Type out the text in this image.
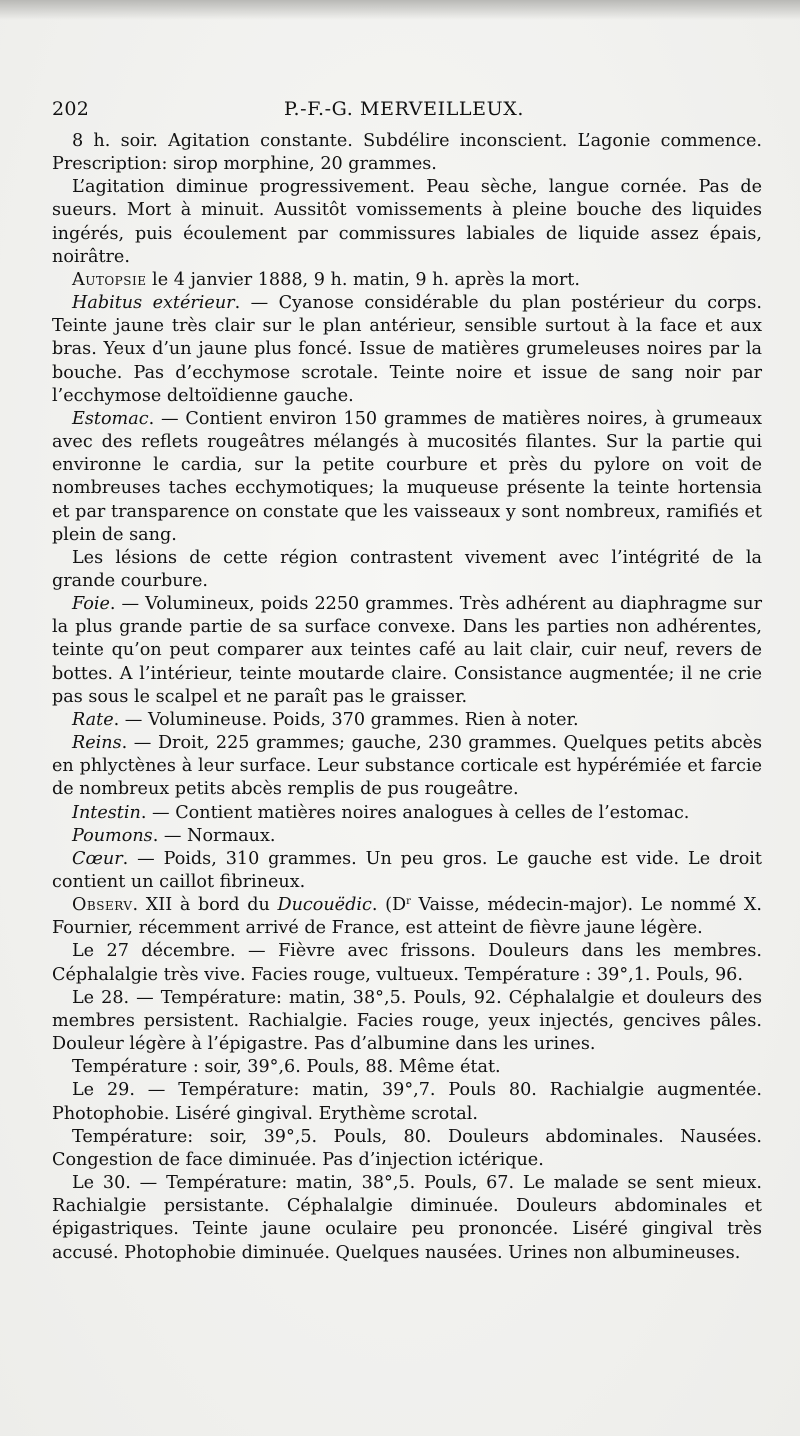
202	P.-F.-G. MERVEILLEUX.

8 h. soir. Agitation constante. Subdélire inconscient. L’agonie commence. Prescription: sirop morphine, 20 grammes.

L’agitation diminue progressivement. Peau sèche, langue cornée. Pas de sueurs. Mort à minuit. Aussitôt vomissements à pleine bouche des liquides ingérés, puis écoulement par commissures labiales de liquide assez épais, noirâtre.

Autopsie le 4 janvier 1888, 9 h. matin, 9 h. après la mort.

Habitus extérieur. — Cyanose considérable du plan postérieur du corps. Teinte jaune très clair sur le plan antérieur, sensible surtout à la face et aux bras. Yeux d’un jaune plus foncé. Issue de matières grumeleuses noires par la bouche. Pas d’ecchymose scrotale. Teinte noire et issue de sang noir par l’ecchymose deltoïdienne gauche.

Estomac. — Contient environ 150 grammes de matières noires, à grumeaux avec des reflets rougeâtres mélangés à mucosités filantes. Sur la partie qui environne le cardia, sur la petite courbure et près du pylore on voit de nombreuses taches ecchymotiques; la muqueuse présente la teinte hortensia et par transparence on constate que les vaisseaux y sont nombreux, ramifiés et plein de sang.

Les lésions de cette région contrastent vivement avec l’intégrité de la grande courbure.

Foie. — Volumineux, poids 2250 grammes. Très adhérent au diaphragme sur la plus grande partie de sa surface convexe. Dans les parties non adhérentes, teinte qu’on peut comparer aux teintes café au lait clair, cuir neuf, revers de bottes. A l’intérieur, teinte moutarde claire. Consistance augmentée; il ne crie pas sous le scalpel et ne paraît pas le graisser.

Rate. — Volumineuse. Poids, 370 grammes. Rien à noter.

Reins. — Droit, 225 grammes; gauche, 230 grammes. Quelques petits abcès en phlyctènes à leur surface. Leur substance corticale est hypérémiée et farcie de nombreux petits abcès remplis de pus rougeâtre.

Intestin. — Contient matières noires analogues à celles de l’estomac.

Poumons. — Normaux.

Cœur. — Poids, 310 grammes. Un peu gros. Le gauche est vide. Le droit contient un caillot fibrineux.

Observ. XII à bord du Ducouëdic. ($D^r$ Vaisse, médecin-major). Le nommé X. Fournier, récemment arrivé de France, est atteint de fièvre jaune légère.

Le 27 décembre. — Fièvre avec frissons. Douleurs dans les membres. Céphalalgie très vive. Facies rouge, vultueux. Température : 39°,1. Pouls, 96.

Le 28. — Température: matin, 38°,5. Pouls, 92. Céphalalgie et douleurs des membres persistent. Rachialgie. Facies rouge, yeux injectés, gencives pâles. Douleur légère à l’épigastre. Pas d’albumine dans les urines.

Température : soir, 39°,6. Pouls, 88. Même état.

Le 29. — Température: matin, 39°,7. Pouls 80. Rachialgie augmentée. Photophobie. Liséré gingival. Erythème scrotal.

Température: soir, 39°,5. Pouls, 80. Douleurs abdominales. Nausées. Congestion de face diminuée. Pas d’injection ictérique.

Le 30. — Température: matin, 38°,5. Pouls, 67. Le malade se sent mieux. Rachialgie persistante. Céphalalgie diminuée. Douleurs abdominales et épigastriques. Teinte jaune oculaire peu prononcée. Liséré gingival très accusé. Photophobie diminuée. Quelques nausées. Urines non albumineuses.
